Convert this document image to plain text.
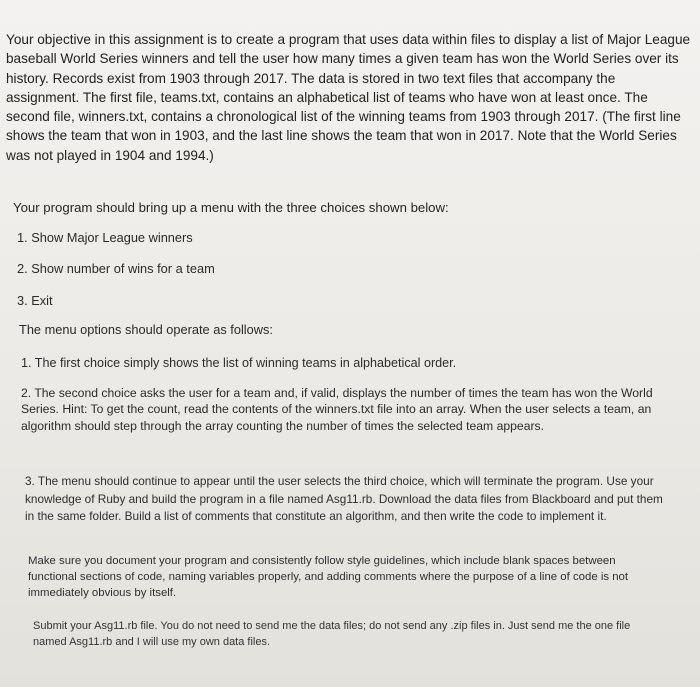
Your objective in this assignment is to create a program that uses data within files to display a list of Major League baseball World Series winners and tell the user how many times a given team has won the World Series over its history. Records exist from 1903 through 2017. The data is stored in two text files that accompany the assignment. The first file, teams.txt, contains an alphabetical list of teams who have won at least once. The second file, winners.txt, contains a chronological list of the winning teams from 1903 through 2017. (The first line shows the team that won in 1903, and the last line shows the team that won in 2017. Note that the World Series was not played in 1904 and 1994.)

Your program should bring up a menu with the three choices shown below:

1. Show Major League winners

2. Show number of wins for a team

3. Exit

The menu options should operate as follows:

1. The first choice simply shows the list of winning teams in alphabetical order.

2. The second choice asks the user for a team and, if valid, displays the number of times the team has won the World Series. Hint: To get the count, read the contents of the winners.txt file into an array. When the user selects a team, an algorithm should step through the array counting the number of times the selected team appears.

3. The menu should continue to appear until the user selects the third choice, which will terminate the program. Use your knowledge of Ruby and build the program in a file named Asg11.rb. Download the data files from Blackboard and put them in the same folder. Build a list of comments that constitute an algorithm, and then write the code to implement it.

Make sure you document your program and consistently follow style guidelines, which include blank spaces between functional sections of code, naming variables properly, and adding comments where the purpose of a line of code is not immediately obvious by itself.

Submit your Asg11.rb file. You do not need to send me the data files; do not send any .zip files in. Just send me the one file named Asg11.rb and I will use my own data files.
